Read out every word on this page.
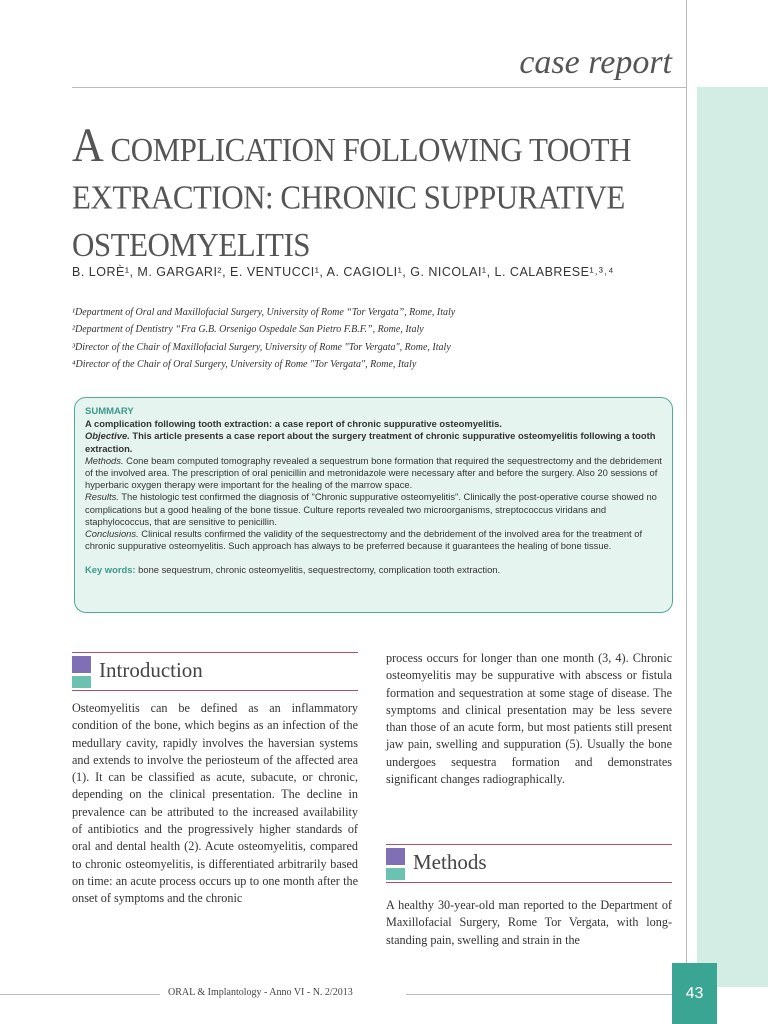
case report
A COMPLICATION FOLLOWING TOOTH EXTRACTION: CHRONIC SUPPURATIVE OSTEOMYELITIS
B. LORÈ¹, M. GARGARI², E. VENTUCCI¹, A. CAGIOLI¹, G. NICOLAI¹, L. CALABRESE¹˒³˒⁴
¹Department of Oral and Maxillofacial Surgery, University of Rome “Tor Vergata”, Rome, Italy
²Department of Dentistry “Fra G.B. Orsenigo Ospedale San Pietro F.B.F.”, Rome, Italy
³Director of the Chair of Maxillofacial Surgery, University of Rome "Tor Vergata", Rome, Italy
⁴Director of the Chair of Oral Surgery, University of Rome "Tor Vergata", Rome, Italy
SUMMARY
A complication following tooth extraction: a case report of chronic suppurative osteomyelitis.
Objective. This article presents a case report about the surgery treatment of chronic suppurative osteomyelitis following a tooth extraction.
Methods. Cone beam computed tomography revealed a sequestrum bone formation that required the sequestrectomy and the debridement of the involved area. The prescription of oral penicillin and metronidazole were necessary after and before the surgery. Also 20 sessions of hyperbaric oxygen therapy were important for the healing of the marrow space.
Results. The histologic test confirmed the diagnosis of "Chronic suppurative osteomyelitis". Clinically the post-operative course showed no complications but a good healing of the bone tissue. Culture reports revealed two microorganisms, streptococcus viridans and staphylococcus, that are sensitive to penicillin.
Conclusions. Clinical results confirmed the validity of the sequestrectomy and the debridement of the involved area for the treatment of chronic suppurative osteomyelitis. Such approach has always to be preferred because it guarantees the healing of bone tissue.
Key words: bone sequestrum, chronic osteomyelitis, sequestrectomy, complication tooth extraction.
Introduction
Osteomyelitis can be defined as an inflammatory condition of the bone, which begins as an infection of the medullary cavity, rapidly involves the haversian systems and extends to involve the periosteum of the affected area (1). It can be classified as acute, subacute, or chronic, depending on the clinical presentation. The decline in prevalence can be attributed to the increased availability of antibiotics and the progressively higher standards of oral and dental health (2). Acute osteomyelitis, compared to chronic osteomyelitis, is differentiated arbitrarily based on time: an acute process occurs up to one month after the onset of symptoms and the chronic
process occurs for longer than one month (3, 4). Chronic osteomyelitis may be suppurative with abscess or fistula formation and sequestration at some stage of disease. The symptoms and clinical presentation may be less severe than those of an acute form, but most patients still present jaw pain, swelling and suppuration (5). Usually the bone undergoes sequestra formation and demonstrates significant changes radiographically.
Methods
A healthy 30-year-old man reported to the Department of Maxillofacial Surgery, Rome Tor Vergata, with long-standing pain, swelling and strain in the
ORAL & Implantology - Anno VI - N. 2/2013	43
